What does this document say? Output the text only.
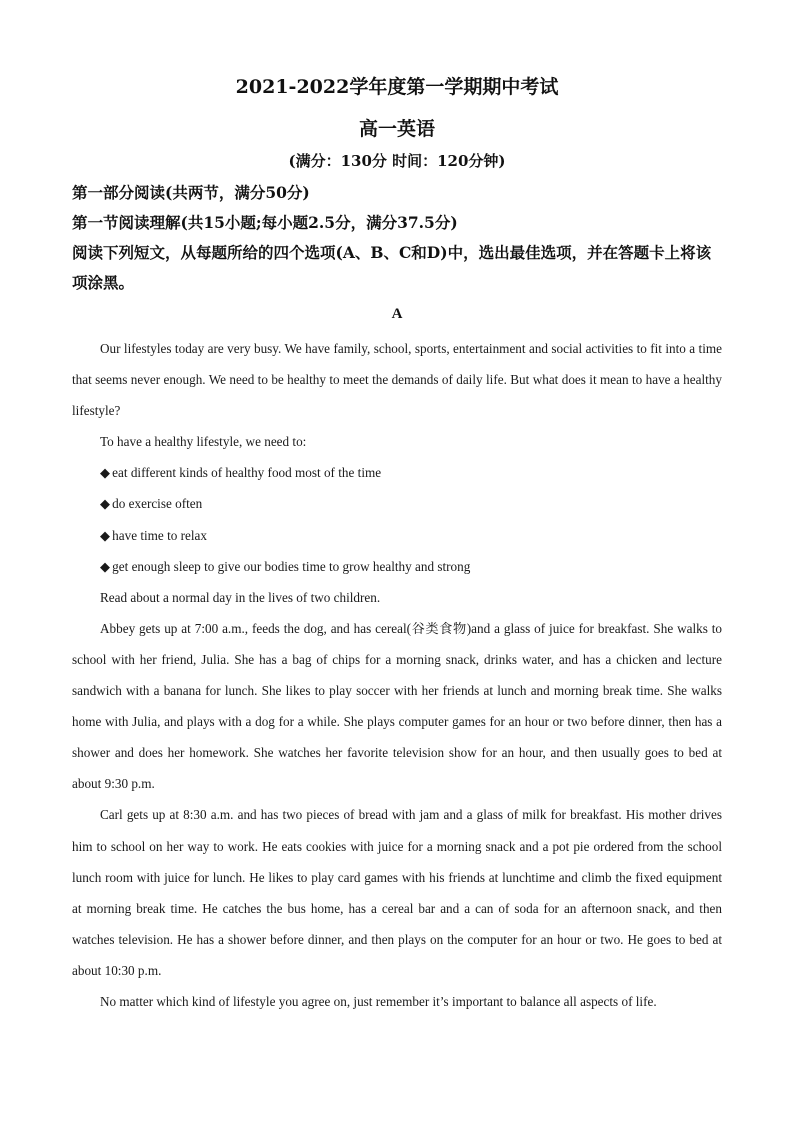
2021-2022学年度第一学期期中考试
高一英语
(满分：130分 时间：120分钟)
第一部分阅读(共两节，满分50分)
第一节阅读理解(共15小题;每小题2.5分，满分37.5分)
阅读下列短文，从每题所给的四个选项(A、B、C和D)中，选出最佳选项，并在答题卡上将该项涂黑。
A

Our lifestyles today are very busy. We have family, school, sports, entertainment and social activities to fit into a time that seems never enough. We need to be healthy to meet the demands of daily life. But what does it mean to have a healthy lifestyle?

To have a healthy lifestyle, we need to:

◆ eat different kinds of healthy food most of the time

◆ do exercise often

◆ have time to relax

◆ get enough sleep to give our bodies time to grow healthy and strong

Read about a normal day in the lives of two children.

Abbey gets up at 7:00 a.m., feeds the dog, and has cereal(谷类食物)and a glass of juice for breakfast. She walks to school with her friend, Julia. She has a bag of chips for a morning snack, drinks water, and has a chicken and lecture sandwich with a banana for lunch. She likes to play soccer with her friends at lunch and morning break time. She walks home with Julia, and plays with a dog for a while. She plays computer games for an hour or two before dinner, then has a shower and does her homework. She watches her favorite television show for an hour, and then usually goes to bed at about 9:30 p.m.

Carl gets up at 8:30 a.m. and has two pieces of bread with jam and a glass of milk for breakfast. His mother drives him to school on her way to work. He eats cookies with juice for a morning snack and a pot pie ordered from the school lunch room with juice for lunch. He likes to play card games with his friends at lunchtime and climb the fixed equipment at morning break time. He catches the bus home, has a cereal bar and a can of soda for an afternoon snack, and then watches television. He has a shower before dinner, and then plays on the computer for an hour or two. He goes to bed at about 10:30 p.m.

No matter which kind of lifestyle you agree on, just remember it’s important to balance all aspects of life.
